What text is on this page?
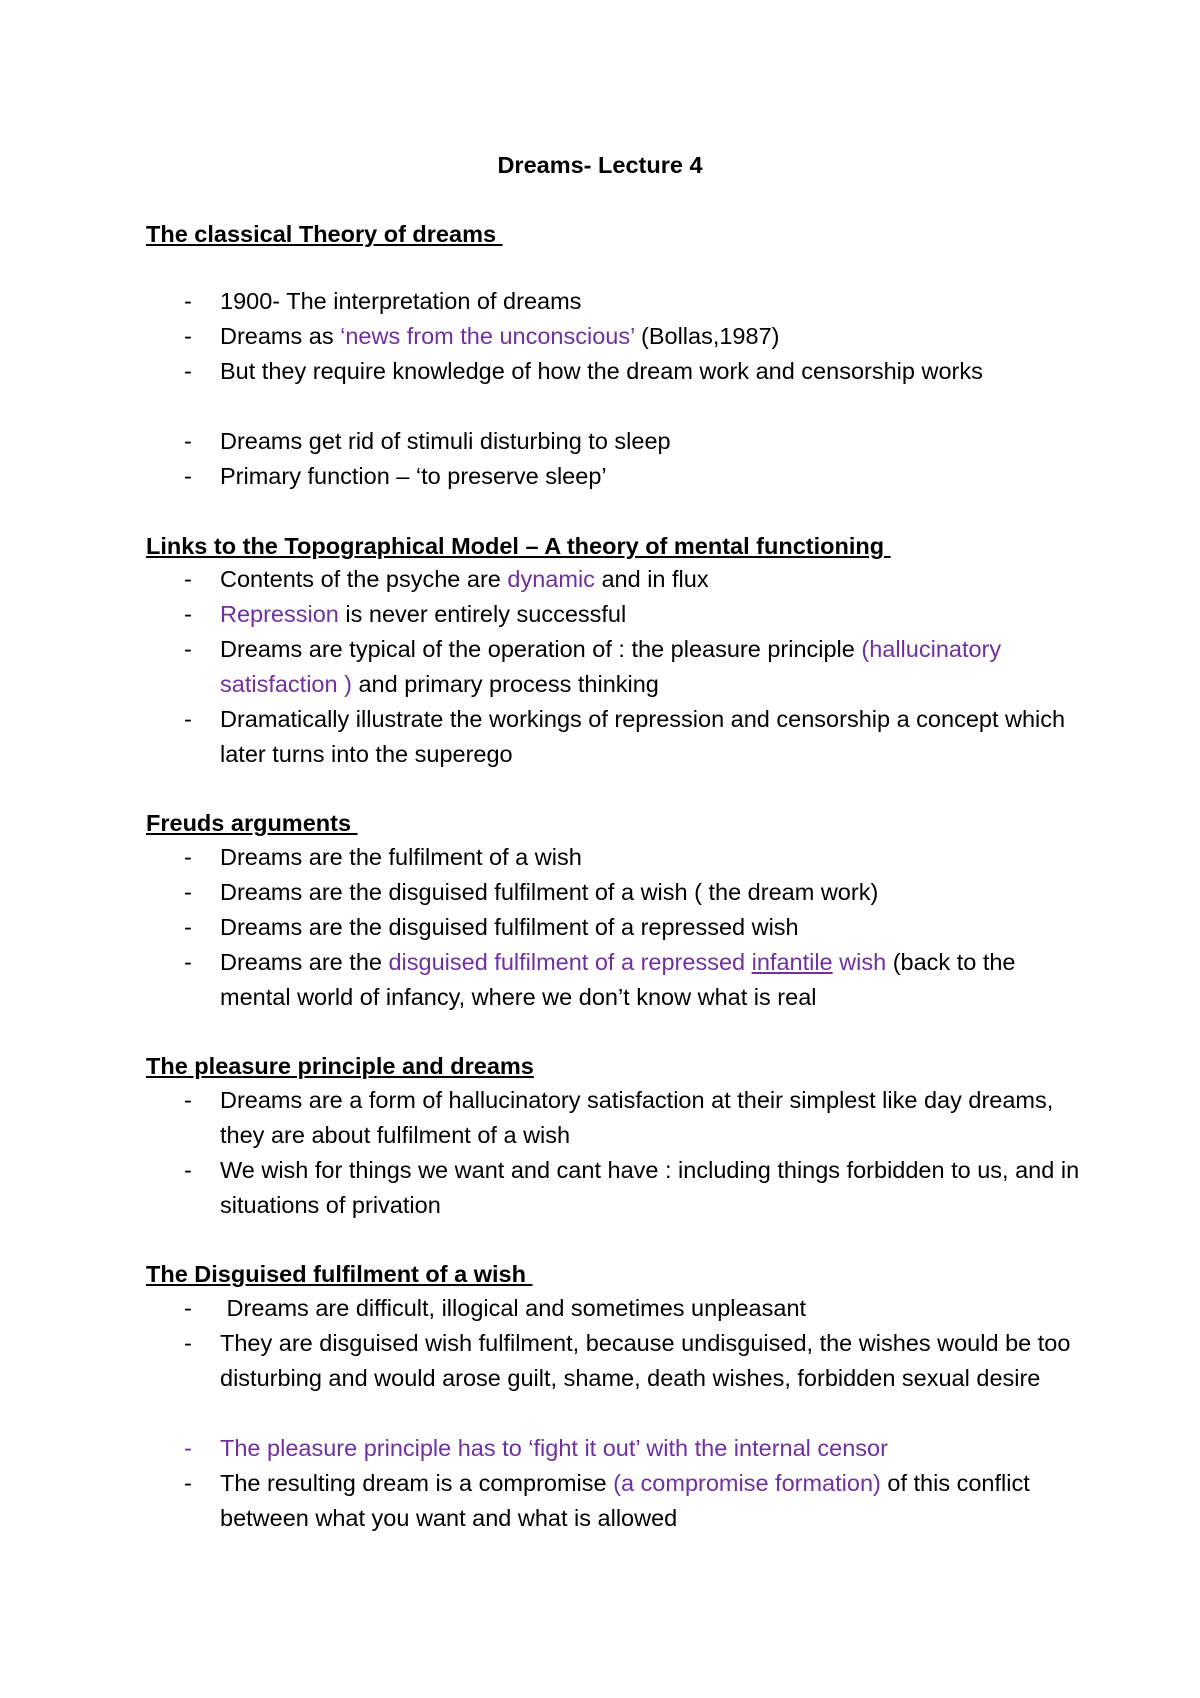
Dreams- Lecture 4
The classical Theory of dreams
- 1900- The interpretation of dreams
- Dreams as ‘news from the unconscious’ (Bollas,1987)
- But they require knowledge of how the dream work and censorship works
- Dreams get rid of stimuli disturbing to sleep
- Primary function – ‘to preserve sleep’
Links to the Topographical Model – A theory of mental functioning
- Contents of the psyche are dynamic and in flux
- Repression is never entirely successful
- Dreams are typical of the operation of : the pleasure principle (hallucinatory satisfaction ) and primary process thinking
- Dramatically illustrate the workings of repression and censorship a concept which later turns into the superego
Freuds arguments
- Dreams are the fulfilment of a wish
- Dreams are the disguised fulfilment of a wish ( the dream work)
- Dreams are the disguised fulfilment of a repressed wish
- Dreams are the disguised fulfilment of a repressed infantile wish (back to the mental world of infancy, where we don’t know what is real
The pleasure principle and dreams
- Dreams are a form of hallucinatory satisfaction at their simplest like day dreams, they are about fulfilment of a wish
- We wish for things we want and cant have : including things forbidden to us, and in situations of privation
The Disguised fulfilment of a wish
- Dreams are difficult, illogical and sometimes unpleasant
- They are disguised wish fulfilment, because undisguised, the wishes would be too disturbing and would arose guilt, shame, death wishes, forbidden sexual desire
- The pleasure principle has to ‘fight it out’ with the internal censor
- The resulting dream is a compromise (a compromise formation) of this conflict between what you want and what is allowed
